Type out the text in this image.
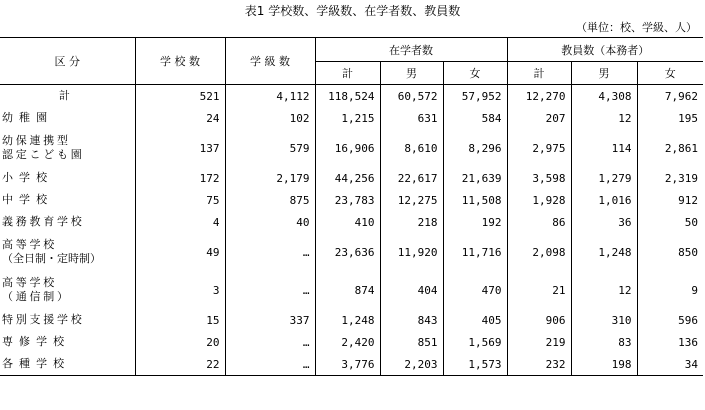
表1 学校数、学級数、在学者数、教員数
（単位：校、学級、人）
区 分	学 校 数	学 級 数	在学者数			教員数（本務者）		
			計	男	女	計	男	女

計	521	4,112	118,524	60,572	57,952	12,270	4,308	7,962

幼稚園	24	102	1,215	631	584	207	12	195

幼保連携型
認定こども園	137	579	16,906	8,610	8,296	2,975	114	2,861

小学校	172	2,179	44,256	22,617	21,639	3,598	1,279	2,319

中学校	75	875	23,783	12,275	11,508	1,928	1,016	912

義務教育学校	4	40	410	218	192	86	36	50

高等学校
（全日制・定時制）	49	…	23,636	11,920	11,716	2,098	1,248	850

高等学校
（通信制）	3	…	874	404	470	21	12	9

特別支援学校	15	337	1,248	843	405	906	310	596

専修学校	20	…	2,420	851	1,569	219	83	136

各種学校	22	…	3,776	2,203	1,573	232	198	34
